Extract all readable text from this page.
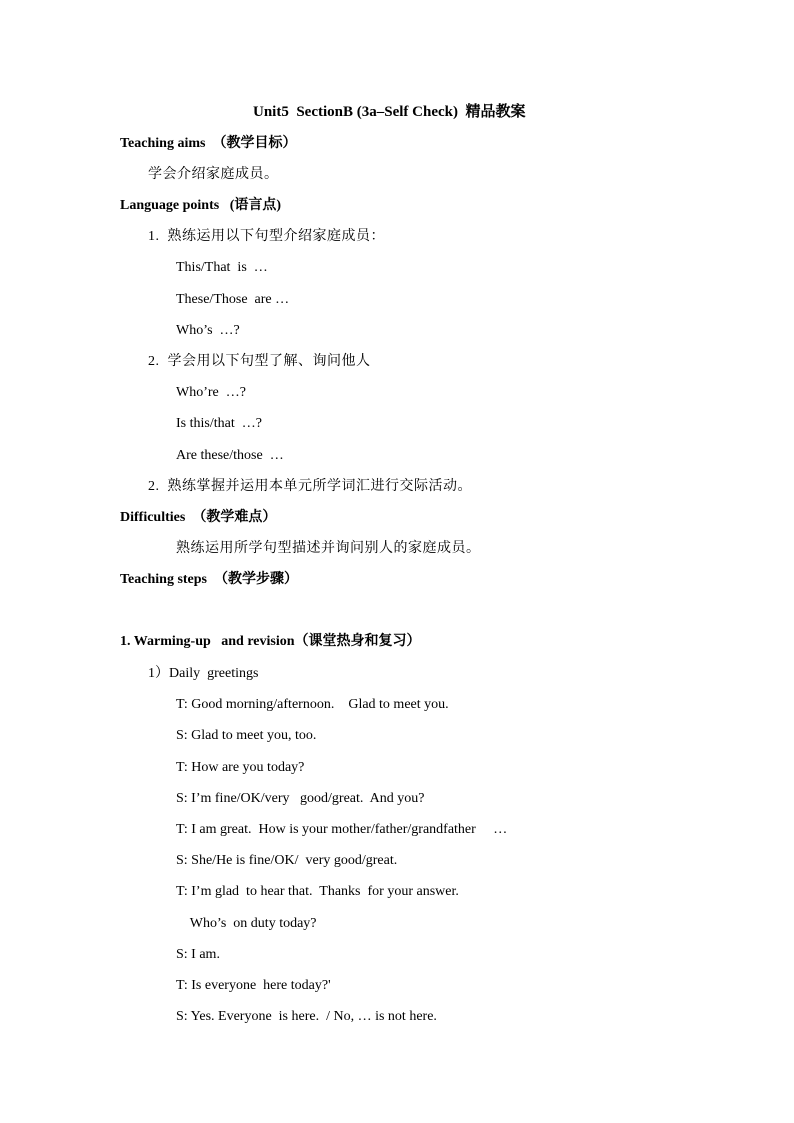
Unit5  SectionB (3a–Self Check)  精品教案
Teaching aims  （教学目标）
学会介绍家庭成员。
Language points   (语言点)
1.  熟练运用以下句型介绍家庭成员：
This/That  is  …
These/Those  are …
Who’s  …?
2.  学会用以下句型了解、询问他人
Who’re  …?
Is this/that  …?
Are these/those  …
2.  熟练掌握并运用本单元所学词汇进行交际活动。
Difficulties  （教学难点）
熟练运用所学句型描述并询问别人的家庭成员。
Teaching steps  （教学步骤）
1. Warming-up   and revision（课堂热身和复习）
1）Daily  greetings
T: Good morning/afternoon.    Glad to meet you.
S: Glad to meet you, too.
T: How are you today?
S: I’m fine/OK/very   good/great.  And you?
T: I am great.  How is your mother/father/grandfather     …
S: She/He is fine/OK/  very good/great.
T: I’m glad  to hear that.  Thanks  for your answer.
Who’s  on duty today?
S: I am.
T: Is everyone  here today?'
S: Yes. Everyone  is here.  / No, … is not here.
